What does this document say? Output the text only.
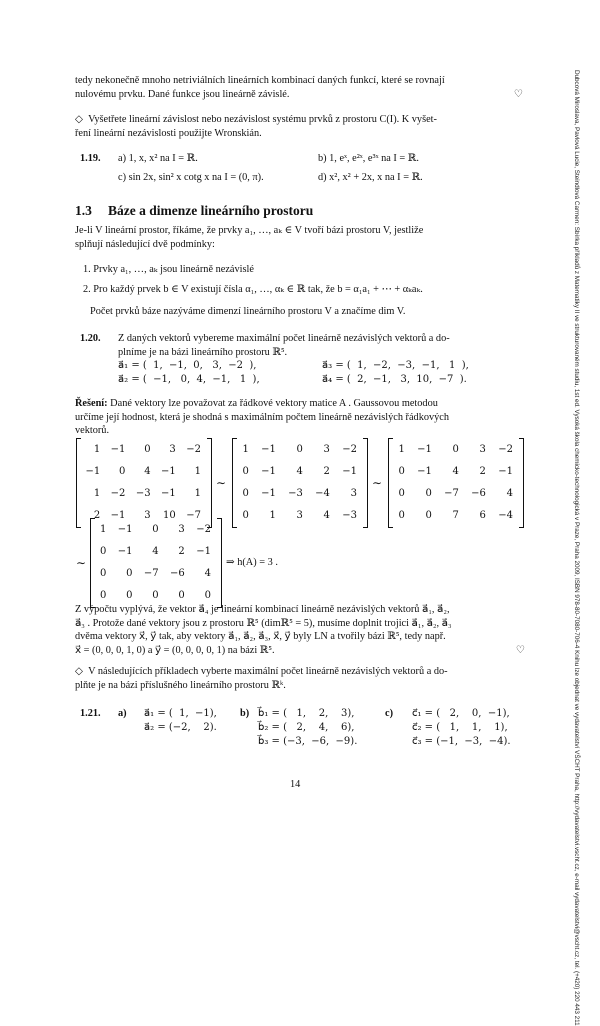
Dubcová Miroslava, Pavlová Lucie, Steindlová Carmen: Sbírka příkladů z Matematiky II ve strukturovaném studiu, 1st ed. Vysoká škola chemicko-technologická v Praze, Praha 2009, ISBN 978-80-7080-706-4 Knihu lze objednat ve vydavatelství VŠCHT Praha, http://vydavatelstvi.vscht.cz, e-mail vydavatelstvi@vscht.cz, tel. (+420) 220 443 211
tedy nekonečně mnoho netriviálních lineárních kombinací daných funkcí, které se rovnají
nulovému prvku. Dané funkce jsou lineárně závislé.	♡
◇ Vyšetřete lineární závislost nebo nezávislost systému prvků z prostoru C(I). K vyšet-
ření lineární nezávislosti použijte Wronskián.
1.19. a) 1, x, x² na I = ℝ.	b) 1, eˣ, e²ˣ, e³ˣ na I = ℝ.
c) sin 2x, sin² x cotg x na I = (0, π).	d) x², x² + 2x, x na I = ℝ.
1.3 Báze a dimenze lineárního prostoru
Je-li V lineární prostor, říkáme, že prvky a₁, …, aₖ ∈ V tvoří bázi prostoru V, jestliže
splňují následující dvě podmínky:
1. Prvky a₁, …, aₖ jsou lineárně nezávislé
2. Pro každý prvek b ∈ V existují čísla α₁, …, αₖ ∈ ℝ tak, že b = α₁a₁ + ⋯ + αₖaₖ.
Počet prvků báze nazýváme dimenzí lineárního prostoru V a značíme dim V.
1.20. Z daných vektorů vybereme maximální počet lineárně nezávislých vektorů a do-
plníme je na bázi lineárního prostoru ℝ⁵.
a⃗₁ = (  1,  −1,  0,   3,  −2  ),	a⃗₃ = (  1,  −2,  −3,  −1,   1  ),
a⃗₂ = (  −1,   0,  4,  −1,   1  ),	a⃗₄ = (  2,  −1,   3,  10,  −7  ).
Řešení: Dané vektory lze považovat za řádkové vektory matice A . Gaussovou metodou
určíme její hodnost, která je shodná s maximálním počtem lineárně nezávislých řádkových
vektorů.
1	−1	0	3	−2
−1	0	4	−1	1
1	−2	−3	−1	1
2	−1	3	10	−7
∼
1	−1	0	3	−2
0	−1	4	2	−1
0	−1	−3	−4	3
0	1	3	4	−3
∼
1	−1	0	3	−2
0	−1	4	2	−1
0	0	−7	−6	4
0	0	7	6	−4
∼
1	−1	0	3	−2
0	−1	4	2	−1
0	0	−7	−6	4
0	0	0	0	0
⇒ h(A) = 3 .
Z výpočtu vyplývá, že vektor a⃗₄ je lineární kombinací lineárně nezávislých vektorů a⃗₁, a⃗₂,
a⃗₃ . Protože dané vektory jsou z prostoru ℝ⁵ (dimℝ⁵ = 5), musíme doplnit trojici a⃗₁, a⃗₂, a⃗₃
dvěma vektory x⃗, y⃗ tak, aby vektory a⃗₁, a⃗₂, a⃗₃, x⃗, y⃗ byly LN a tvořily bázi ℝ⁵, tedy např.
x⃗ = (0, 0, 0, 1, 0) a y⃗ = (0, 0, 0, 0, 1) na bázi ℝ⁵.	♡
◇ V následujících příkladech vyberte maximální počet lineárně nezávislých vektorů a do-
plňte je na bázi příslušného lineárního prostoru ℝᵏ.
1.21. a) a⃗₁ = (  1,  −1),
a⃗₂ = (−2,    2).
b) b⃗₁ = (   1,    2,    3),
b⃗₂ = (   2,    4,    6),
b⃗₃ = (−3,  −6,  −9).
c) c⃗₁ = (   2,    0,  −1),
c⃗₂ = (   1,    1,    1),
c⃗₃ = (−1,  −3,  −4).
14
